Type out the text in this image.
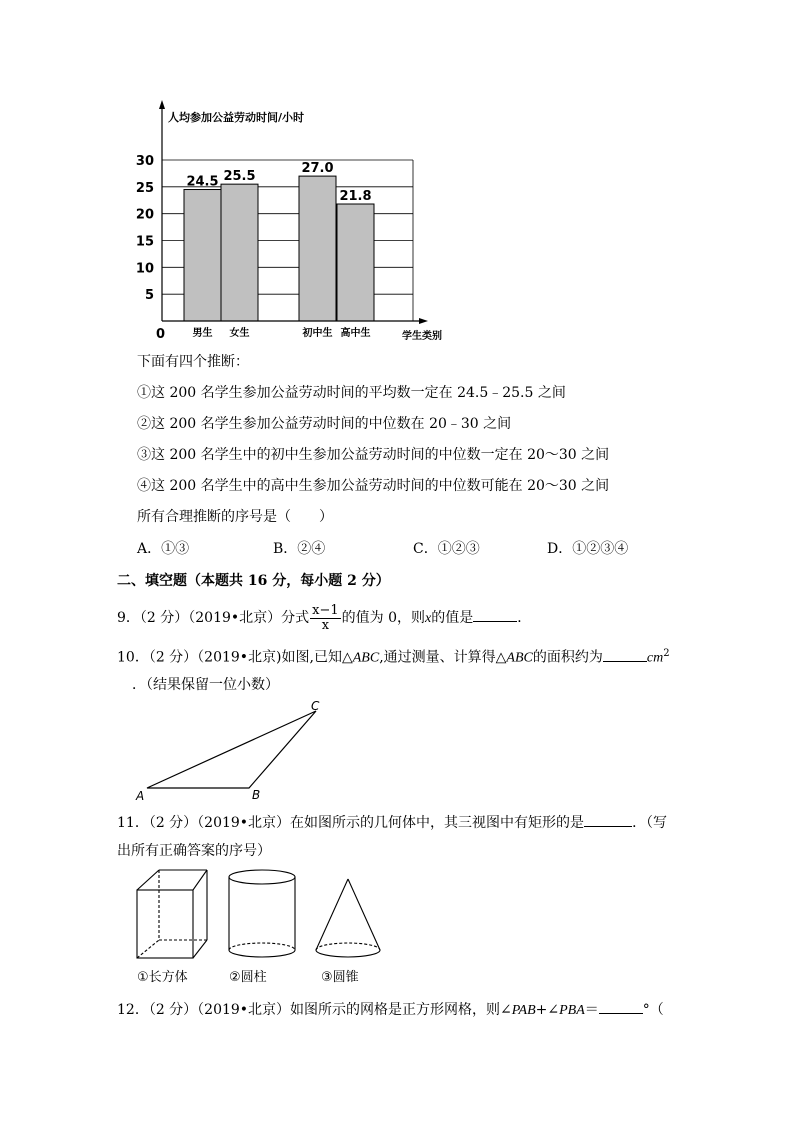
5
10
15
20
25
30
24.5
男生
25.5
女生
27.0
初中生
21.8
高中生
人均参加公益劳动时间/小时
学生类别
0
下面有四个推断：
①这 200 名学生参加公益劳动时间的平均数一定在 24.5﹣25.5 之间
②这 200 名学生参加公益劳动时间的中位数在 20﹣30 之间
③这 200 名学生中的初中生参加公益劳动时间的中位数一定在 20～30 之间
④这 200 名学生中的高中生参加公益劳动时间的中位数可能在 20～30 之间
所有合理推断的序号是（　　）
A．①③	B．②④	C．①②③	D．①②③④
二、填空题（本题共 16 分，每小题 2 分）
9．（2 分）（2019•北京）分式 $\frac{x-1}{x}$ 的值为 0，则x的值是	．
10．（2 分）（2019•北京)如图,已知△ABC,通过测量、计算得△ABC的面积约为	$cm^2$
．（结果保留一位小数）
A	B
C
11．（2 分）（2019•北京）在如图所示的几何体中，其三视图中有矩形的是	．（写
出所有正确答案的序号）
①长方体	②圆柱	③圆锥
12．（2 分）（2019•北京）如图所示的网格是正方形网格，则∠PAB+∠PBA＝	°（
